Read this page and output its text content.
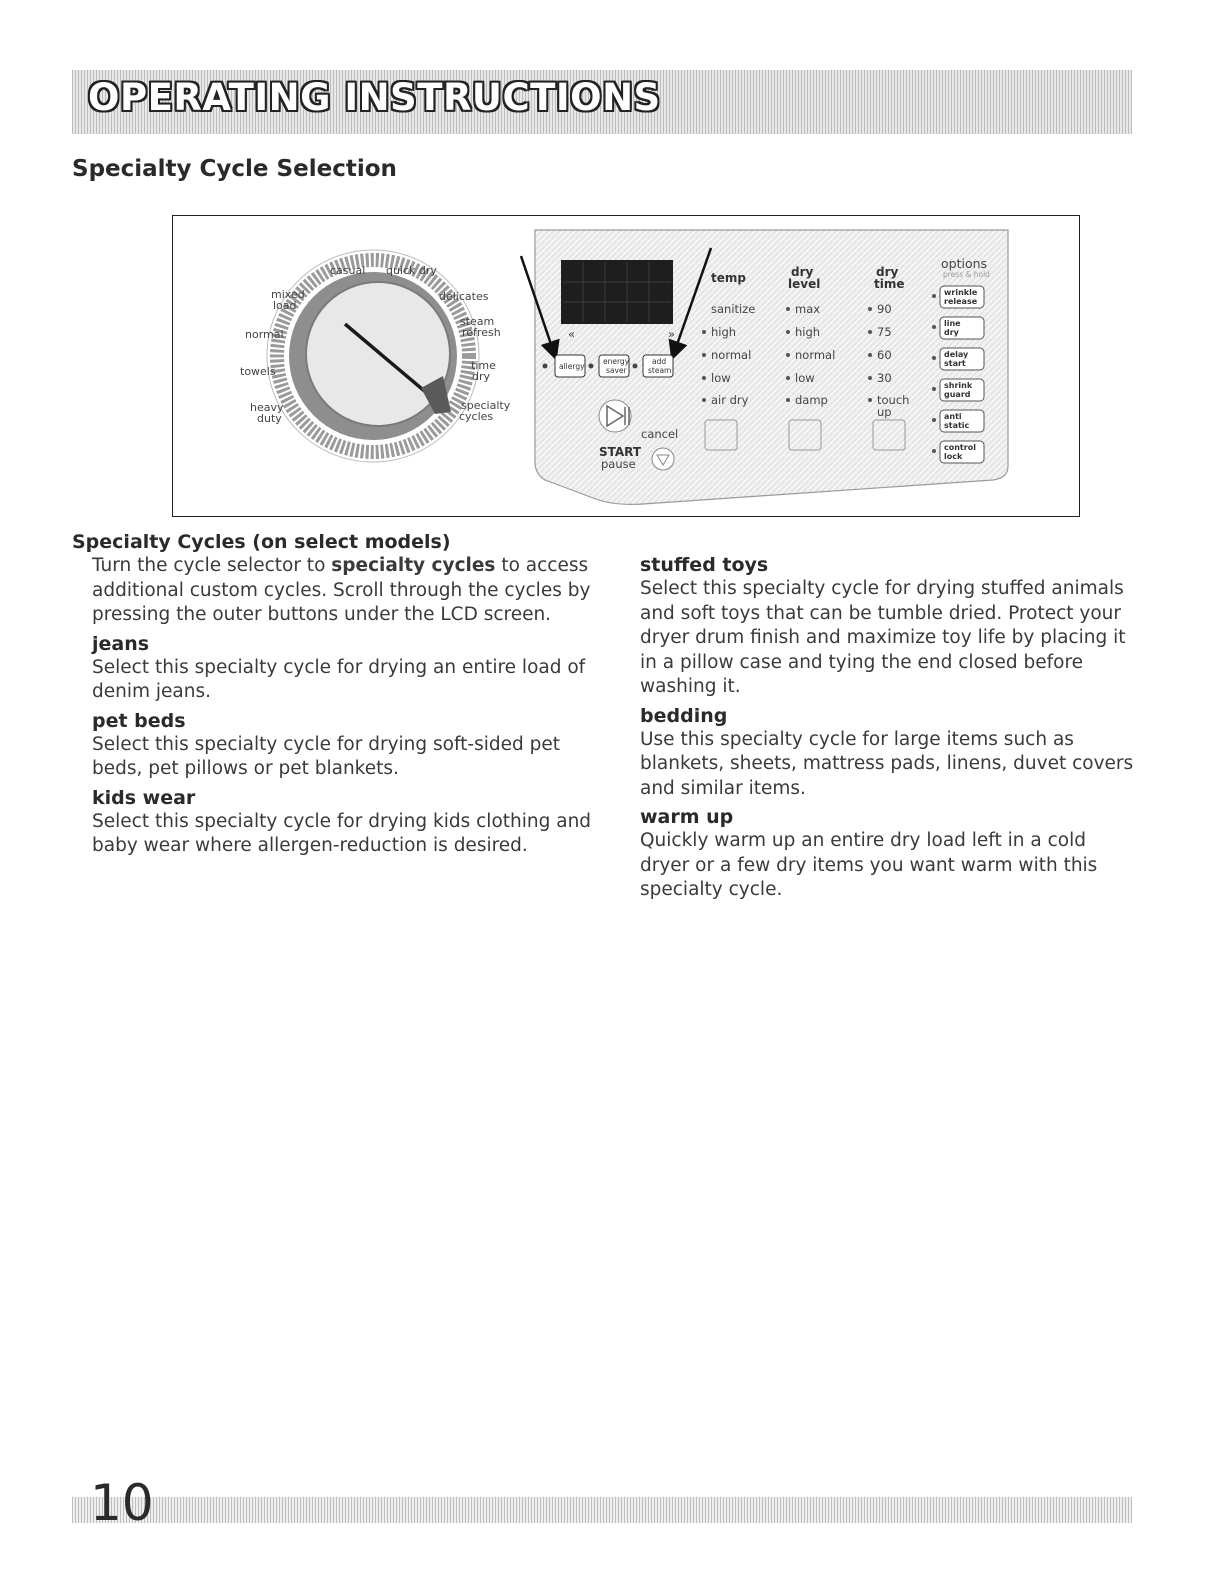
OPERATING INSTRUCTIONS
Specialty Cycle Selection
casual quick dry
mixed
load
delicates
steam
refresh
normal
towels	time
dry
heavy
duty
specialty
cycles
«	»
allergy
energy
saver
add
steam
START
pause
cancel
temp
sanitize
high
normal
low
air dry
dry
level
max
high
normal
low
damp
dry
time
90
75
60
30
touch
up
options
press & hold
wrinkle
release
line
dry
delay
start
shrink
guard
anti
static
control
lock
Specialty Cycles (on select models)

Turn the cycle selector to specialty cycles to access additional custom cycles. Scroll through the cycles by pressing the outer buttons under the LCD screen.

jeans

Select this specialty cycle for drying an entire load of denim jeans.

pet beds

Select this specialty cycle for drying soft-sided pet beds, pet pillows or pet blankets.

kids wear

Select this specialty cycle for drying kids clothing and baby wear where allergen-reduction is desired.

stuffed toys

Select this specialty cycle for drying stuffed animals and soft toys that can be tumble dried. Protect your dryer drum finish and maximize toy life by placing it in a pillow case and tying the end closed before washing it.

bedding

Use this specialty cycle for large items such as blankets, sheets, mattress pads, linens, duvet covers and similar items.

warm up

Quickly warm up an entire dry load left in a cold dryer or a few dry items you want warm with this specialty cycle.

10
